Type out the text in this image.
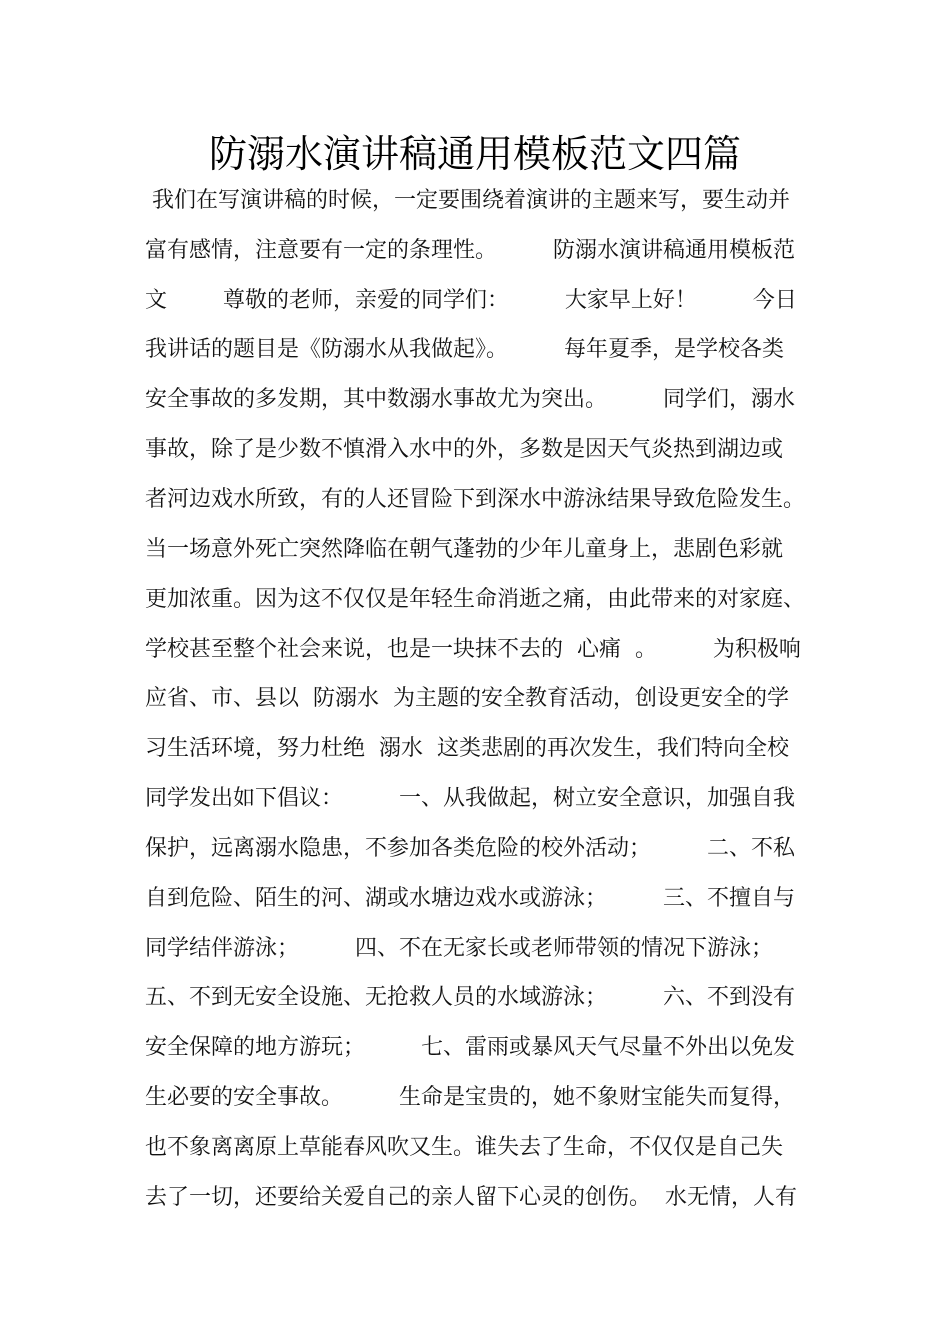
防溺水演讲稿通用模板范文四篇
我们在写演讲稿的时候，一定要围绕着演讲的主题来写，要生动并
富有感情，注意要有一定的条理性。        防溺水演讲稿通用模板范
文        尊敬的老师，亲爱的同学们：        大家早上好！        今日
我讲话的题目是《防溺水从我做起》。        每年夏季，是学校各类
安全事故的多发期，其中数溺水事故尤为突出。        同学们，溺水
事故，除了是少数不慎滑入水中的外，多数是因天气炎热到湖边或
者河边戏水所致，有的人还冒险下到深水中游泳结果导致危险发生。
当一场意外死亡突然降临在朝气蓬勃的少年儿童身上，悲剧色彩就
更加浓重。因为这不仅仅是年轻生命消逝之痛，由此带来的对家庭、
学校甚至整个社会来说，也是一块抹不去的  心痛  。        为积极响
应省、市、县以  防溺水  为主题的安全教育活动，创设更安全的学
习生活环境，努力杜绝  溺水  这类悲剧的再次发生，我们特向全校
同学发出如下倡议：        一、从我做起，树立安全意识，加强自我
保护，远离溺水隐患，不参加各类危险的校外活动；        二、不私
自到危险、陌生的河、湖或水塘边戏水或游泳；        三、不擅自与
同学结伴游泳；        四、不在无家长或老师带领的情况下游泳；
五、不到无安全设施、无抢救人员的水域游泳；        六、不到没有
安全保障的地方游玩；        七、雷雨或暴风天气尽量不外出以免发
生必要的安全事故。        生命是宝贵的，她不象财宝能失而复得，
也不象离离原上草能春风吹又生。谁失去了生命，不仅仅是自己失
去了一切，还要给关爱自己的亲人留下心灵的创伤。  水无情，人有
